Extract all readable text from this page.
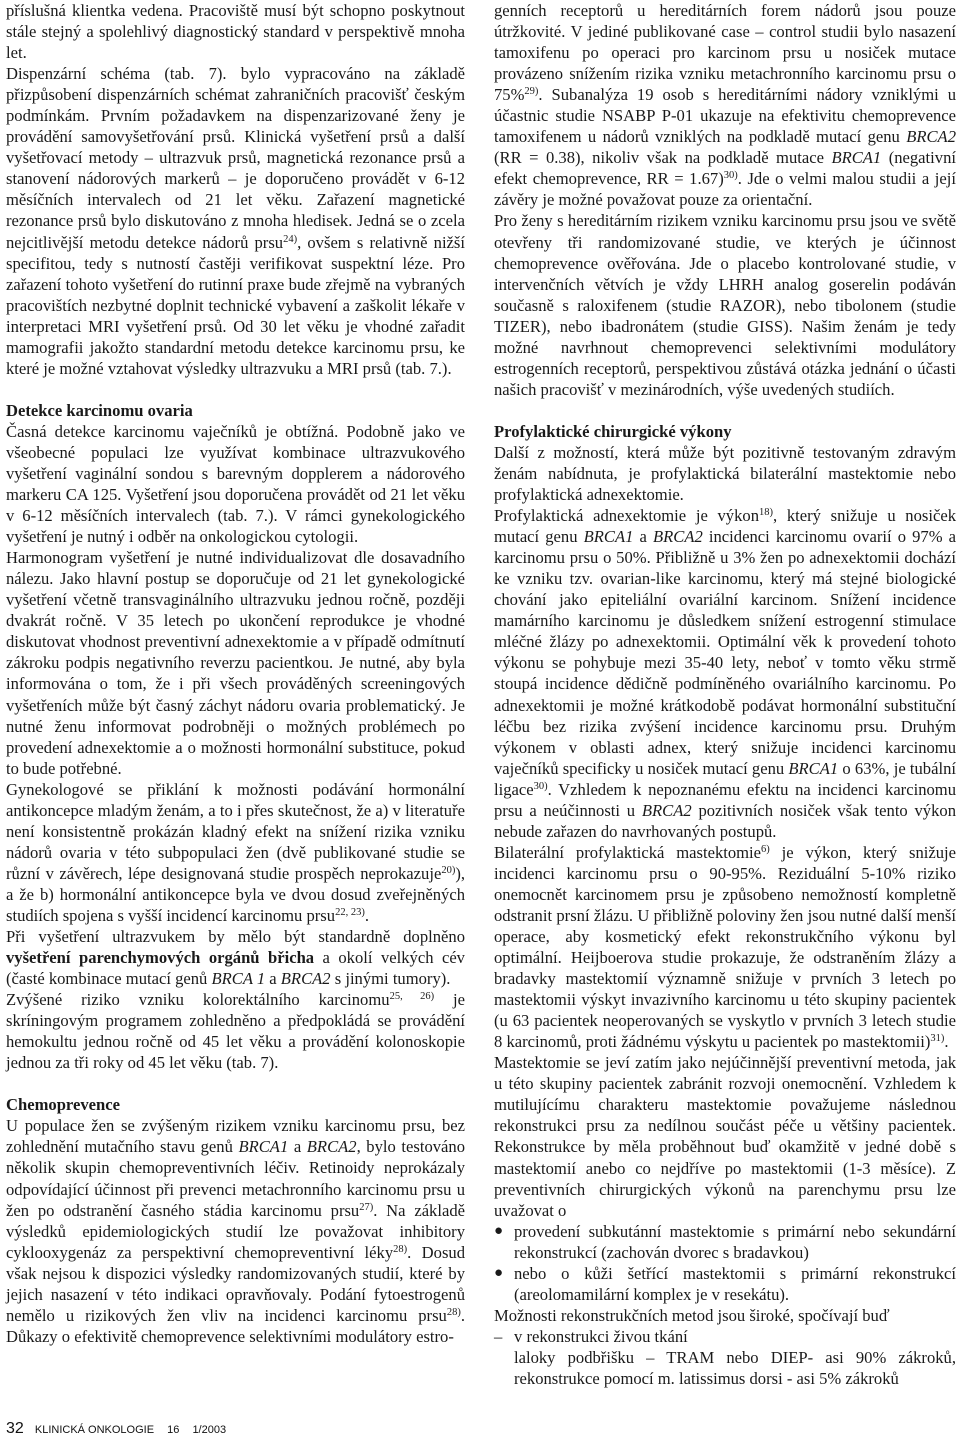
příslušná klientka vedena. Pracoviště musí být schopno poskytnout stále stejný a spolehlivý diagnostický standard v perspektivě mnoha let.

Dispenzární schéma (tab. 7). bylo vypracováno na základě přizpůsobení dispenzárních schémat zahraničních pracovišť českým podmínkám. Prvním požadavkem na dispenzarizované ženy je provádění samovyšetřování prsů. Klinická vyšetření prsů a další vyšetřovací metody – ultrazvuk prsů, magnetická rezonance prsů a stanovení nádorových markerů – je doporučeno provádět v 6-12 měsíčních intervalech od 21 let věku. Zařazení magnetické rezonance prsů bylo diskutováno z mnoha hledisek. Jedná se o zcela nejcitlivější metodu detekce nádorů prsu$^{24)}$, ovšem s relativně nižší specifitou, tedy s nutností častěji verifikovat suspektní léze. Pro zařazení tohoto vyšetření do rutinní praxe bude zřejmě na vybraných pracovištích nezbytné doplnit technické vybavení a zaškolit lékaře v interpretaci MRI vyšetření prsů. Od 30 let věku je vhodné zařadit mamografii jakožto standardní metodu detekce karcinomu prsu, ke které je možné vztahovat výsledky ultrazvuku a MRI prsů (tab. 7.).

Detekce karcinomu ovaria

Časná detekce karcinomu vaječníků je obtížná. Podobně jako ve všeobecné populaci lze využívat kombinace ultrazvukového vyšetření vaginální sondou s barevným dopplerem a nádorového markeru CA 125. Vyšetření jsou doporučena provádět od 21 let věku v 6-12 měsíčních intervalech (tab. 7.). V rámci gynekologického vyšetření je nutný i odběr na onkologickou cytologii.

Harmonogram vyšetření je nutné individualizovat dle dosavadního nálezu. Jako hlavní postup se doporučuje od 21 let gynekologické vyšetření včetně transvaginálního ultrazvuku jednou ročně, později dvakrát ročně. V 35 letech po ukončení reprodukce je vhodné diskutovat vhodnost preventivní adnexektomie a v případě odmítnutí zákroku podpis negativního reverzu pacientkou. Je nutné, aby byla informována o tom, že i při všech prováděných screeningových vyšetřeních může být časný záchyt nádoru ovaria problematický. Je nutné ženu informovat podrobněji o možných problémech po provedení adnexektomie a o možnosti hormonální substituce, pokud to bude potřebné.

Gynekologové se přiklání k možnosti podávání hormonální antikoncepce mladým ženám, a to i přes skutečnost, že a) v literatuře není konsistentně prokázán kladný efekt na snížení rizika vzniku nádorů ovaria v této subpopulaci žen (dvě publikované studie se různí v závěrech, lépe designovaná studie prospěch neprokazuje$^{20)}$), a že b) hormonální antikoncepce byla ve dvou dosud zveřejněných studiích spojena s vyšší incidencí karcinomu prsu$^{22, 23)}$.

Při vyšetření ultrazvukem by mělo být standardně doplněno vyšetření parenchymových orgánů břicha a okolí velkých cév (časté kombinace mutací genů BRCA 1 a BRCA2 s jinými tumory).

Zvýšené riziko vzniku kolorektálního karcinomu$^{25, 26)}$ je skríningovým programem zohledněno a předpokládá se provádění hemokultu jednou ročně od 45 let věku a provádění kolonoskopie jednou za tři roky od 45 let věku (tab. 7).

Chemoprevence

U populace žen se zvýšeným rizikem vzniku karcinomu prsu, bez zohlednění mutačního stavu genů BRCA1 a BRCA2, bylo testováno několik skupin chemopreventivních léčiv. Retinoidy neprokázaly odpovídající účinnost při prevenci metachronního karcinomu prsu u žen po odstranění časného stádia karcinomu prsu$^{27)}$. Na základě výsledků epidemiologických studií lze považovat inhibitory cyklooxygenáz za perspektivní chemopreventivní léky$^{28)}$. Dosud však nejsou k dispozici výsledky randomizovaných studií, které by jejich nasazení v této indikaci opravňovaly. Podání fytoestrogenů nemělo u rizikových žen vliv na incidenci karcinomu prsu$^{28)}$. Důkazy o efektivitě chemoprevence selektivními modulátory estro-

genních receptorů u hereditárních forem nádorů jsou pouze útržkovité. V jediné publikované case – control studii bylo nasazení tamoxifenu po operaci pro karcinom prsu u nosiček mutace provázeno snížením rizika vzniku metachronního karcinomu prsu o 75%$^{29)}$. Subanalýza 19 osob s hereditárními nádory vzniklými u účastnic studie NSABP P-01 ukazuje na efektivitu chemoprevence tamoxifenem u nádorů vzniklých na podkladě mutací genu BRCA2 (RR = 0.38), nikoliv však na podkladě mutace BRCA1 (negativní efekt chemoprevence, RR = 1.67)$^{30)}$. Jde o velmi malou studii a její závěry je možné považovat pouze za orientační.

Pro ženy s hereditárním rizikem vzniku karcinomu prsu jsou ve světě otevřeny tři randomizované studie, ve kterých je účinnost chemoprevence ověřována. Jde o placebo kontrolované studie, v intervenčních větvích je vždy LHRH analog goserelin podáván současně s raloxifenem (studie RAZOR), nebo tibolonem (studie TIZER), nebo ibadronátem (studie GISS). Našim ženám je tedy možné navrhnout chemoprevenci selektivními modulátory estrogenních receptorů, perspektivou zůstává otázka jednání o účasti našich pracovišť v mezinárodních, výše uvedených studiích.

Profylaktické chirurgické výkony

Další z možností, která může být pozitivně testovaným zdravým ženám nabídnuta, je profylaktická bilaterální mastektomie nebo profylaktická adnexektomie.

Profylaktická adnexektomie je výkon$^{18)}$, který snižuje u nosiček mutací genu BRCA1 a BRCA2 incidenci karcinomu ovarií o 97% a karcinomu prsu o 50%. Přibližně u 3% žen po adnexektomii dochází ke vzniku tzv. ovarian-like karcinomu, který má stejné biologické chování jako epiteliální ovariální karcinom. Snížení incidence mamárního karcinomu je důsledkem snížení estrogenní stimulace mléčné žlázy po adnexektomii. Optimální věk k provedení tohoto výkonu se pohybuje mezi 35-40 lety, neboť v tomto věku strmě stoupá incidence dědičně podmíněného ovariálního karcinomu. Po adnexektomii je možné krátkodobě podávat hormonální substituční léčbu bez rizika zvýšení incidence karcinomu prsu. Druhým výkonem v oblasti adnex, který snižuje incidenci karcinomu vaječníků specificky u nosiček mutací genu BRCA1 o 63%, je tubální ligace$^{30)}$. Vzhledem k nepoznanému efektu na incidenci karcinomu prsu a neúčinnosti u BRCA2 pozitivních nosiček však tento výkon nebude zařazen do navrhovaných postupů.

Bilaterální profylaktická mastektomie$^{6)}$ je výkon, který snižuje incidenci karcinomu prsu o 90-95%. Reziduální 5-10% riziko onemocnět karcinomem prsu je způsobeno nemožností kompletně odstranit prsní žlázu. U přibližně poloviny žen jsou nutné další menší operace, aby kosmetický efekt rekonstrukčního výkonu byl optimální. Heijboerova studie prokazuje, že odstraněním žlázy a bradavky mastektomií významně snižuje v prvních 3 letech po mastektomii výskyt invazivního karcinomu u této skupiny pacientek (u 63 pacientek neoperovaných se vyskytlo v prvních 3 letech studie 8 karcinomů, proti žádnému výskytu u pacientek po mastektomii)$^{31)}$.

Mastektomie se jeví zatím jako nejúčinnější preventivní metoda, jak u této skupiny pacientek zabránit rozvoji onemocnění. Vzhledem k mutilujícímu charakteru mastektomie považujeme následnou rekonstrukci prsu za nedílnou součást péče u většiny pacientek. Rekonstrukce by měla proběhnout buď okamžitě v jedné době s mastektomií anebo co nejdříve po mastektomii (1-3 měsíce). Z preventivních chirurgických výkonů na parenchymu prsu lze uvažovat o

●
provedení subkutánní mastektomie s primární nebo sekundární rekonstrukcí (zachován dvorec s bradavkou)
●
nebo o kůži šetřící mastektomii s primární rekonstrukcí (areolomamilární komplex je v resekátu).

Možnosti rekonstrukčních metod jsou široké, spočívají buď

– v rekonstrukci živou tkání

laloky podbřišku – TRAM nebo DIEP- asi 90% zákroků, rekonstrukce pomocí m. latissimus dorsi - asi 5% zákroků

32 KLINICKÁ ONKOLOGIE 16 1/2003
